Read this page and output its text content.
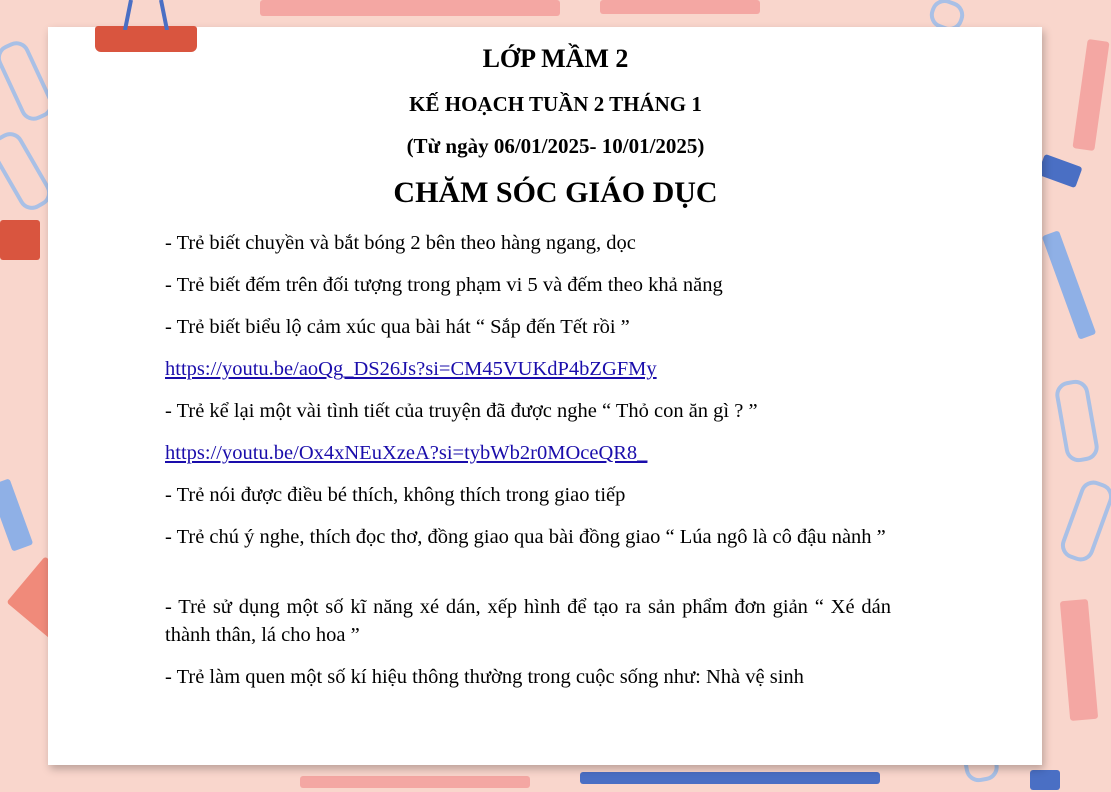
LỚP MẦM 2
KẾ HOẠCH TUẦN 2 THÁNG 1
(Từ ngày 06/01/2025- 10/01/2025)
CHĂM SÓC GIÁO DỤC
- Trẻ biết chuyền và bắt bóng 2 bên theo hàng ngang, dọc
- Trẻ biết đếm trên đối tượng trong phạm vi 5 và đếm theo khả năng
- Trẻ biết biểu lộ cảm xúc qua bài hát “ Sắp đến Tết rồi ”
https://youtu.be/aoQg_DS26Js?si=CM45VUKdP4bZGFMy
- Trẻ kể lại một vài tình tiết của truyện đã được nghe “ Thỏ con ăn gì ? ”
https://youtu.be/Ox4xNEuXzeA?si=tybWb2r0MOceQR8_
- Trẻ nói được điều bé thích, không thích trong giao tiếp
- Trẻ chú ý nghe, thích đọc thơ, đồng giao qua bài đồng giao “ Lúa ngô là cô đậu nành ”
- Trẻ sử dụng một số kĩ năng xé dán, xếp hình để tạo ra sản phẩm đơn giản “ Xé dán thành thân, lá cho hoa ”
- Trẻ làm quen một số kí hiệu thông thường trong cuộc sống như: Nhà vệ sinh
